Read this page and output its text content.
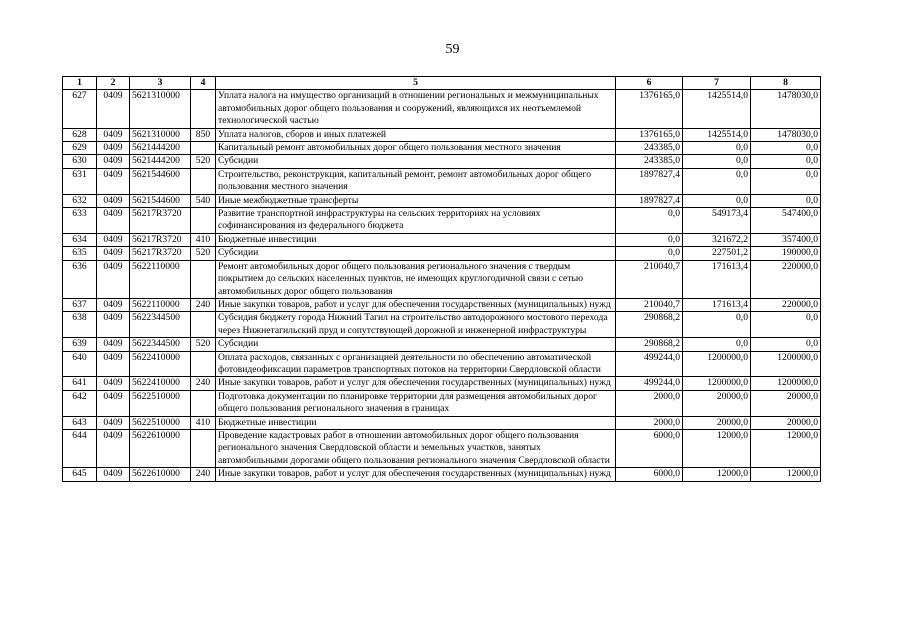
59
1	2	3	4	5	6	7	8
627	0409	5621310000		Уплата налога на имущество организаций в отношении региональных и межмуниципальных автомобильных дорог общего пользования и сооружений, являющихся их неотъемлемой технологической частью	1376165,0	1425514,0	1478030,0
628	0409	5621310000	850	Уплата налогов, сборов и иных платежей	1376165,0	1425514,0	1478030,0
629	0409	5621444200		Капитальный ремонт автомобильных дорог общего пользования местного значения	243385,0	0,0	0,0
630	0409	5621444200	520	Субсидии	243385,0	0,0	0,0
631	0409	5621544600		Строительство, реконструкция, капитальный ремонт, ремонт автомобильных дорог общего пользования местного значения	1897827,4	0,0	0,0
632	0409	5621544600	540	Иные межбюджетные трансферты	1897827,4	0,0	0,0
633	0409	56217R3720		Развитие транспортной инфраструктуры на сельских территориях на условиях софинансирования из федерального бюджета	0,0	549173,4	547400,0
634	0409	56217R3720	410	Бюджетные инвестиции	0,0	321672,2	357400,0
635	0409	56217R3720	520	Субсидии	0,0	227501,2	190000,0
636	0409	5622110000		Ремонт автомобильных дорог общего пользования регионального значения с твердым покрытием до сельских населенных пунктов, не имеющих круглогодичной связи с сетью автомобильных дорог общего пользования	210040,7	171613,4	220000,0
637	0409	5622110000	240	Иные закупки товаров, работ и услуг для обеспечения государственных (муниципальных) нужд	210040,7	171613,4	220000,0
638	0409	5622344500		Субсидия бюджету города Нижний Тагил на строительство автодорожного мостового перехода через Нижнетагильский пруд и сопутствующей дорожной и инженерной инфраструктуры	290868,2	0,0	0,0
639	0409	5622344500	520	Субсидии	290868,2	0,0	0,0
640	0409	5622410000		Оплата расходов, связанных с организацией деятельности по обеспечению автоматической фотовидеофиксации параметров транспортных потоков на территории Свердловской области	499244,0	1200000,0	1200000,0
641	0409	5622410000	240	Иные закупки товаров, работ и услуг для обеспечения государственных (муниципальных) нужд	499244,0	1200000,0	1200000,0
642	0409	5622510000		Подготовка документации по планировке территории для размещения автомобильных дорог общего пользования регионального значения в границах	2000,0	20000,0	20000,0
643	0409	5622510000	410	Бюджетные инвестиции	2000,0	20000,0	20000,0
644	0409	5622610000		Проведение кадастровых работ в отношении автомобильных дорог общего пользования регионального значения Свердловской области и земельных участков, занятых автомобильными дорогами общего пользования регионального значения Свердловской области	6000,0	12000,0	12000,0
645	0409	5622610000	240	Иные закупки товаров, работ и услуг для обеспечения государственных (муниципальных) нужд	6000,0	12000,0	12000,0
